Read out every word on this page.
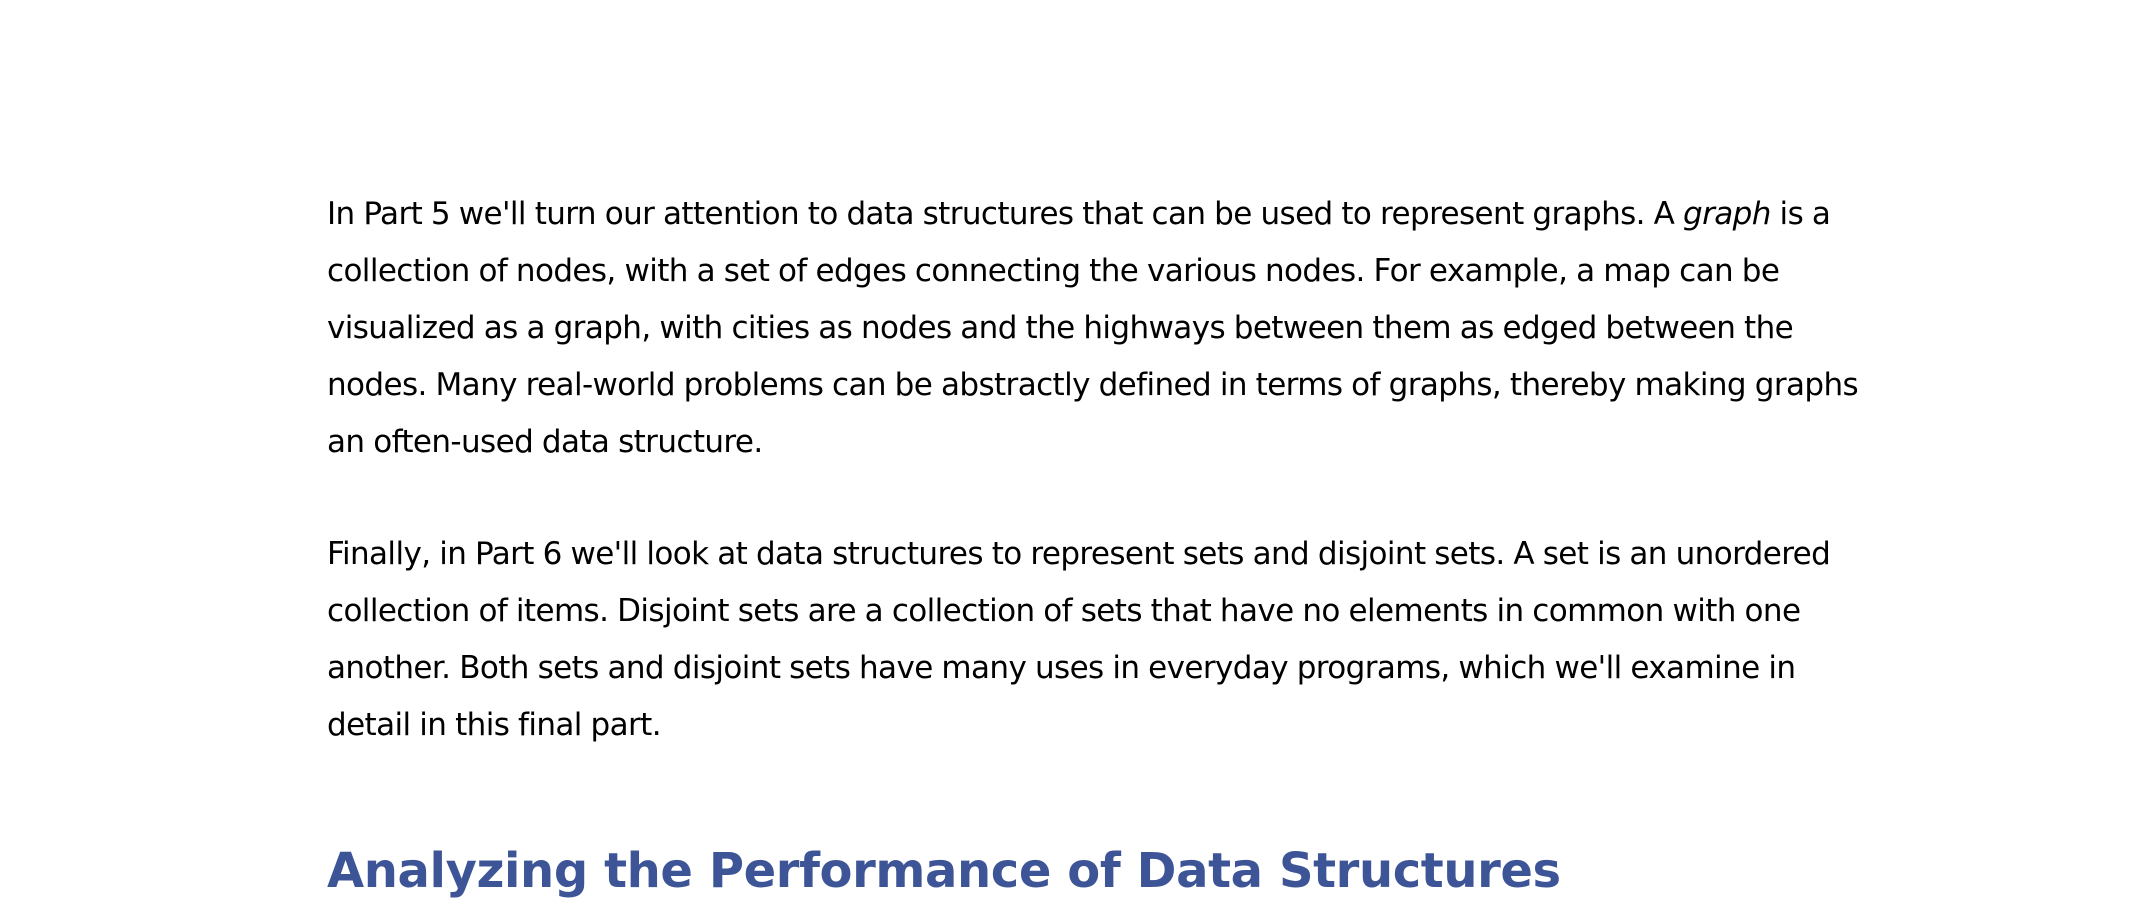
In Part 5 we'll turn our attention to data structures that can be used to represent graphs. A graph is a collection of nodes, with a set of edges connecting the various nodes. For example, a map can be visualized as a graph, with cities as nodes and the highways between them as edged between the nodes. Many real-world problems can be abstractly defined in terms of graphs, thereby making graphs an often-used data structure.

Finally, in Part 6 we'll look at data structures to represent sets and disjoint sets. A set is an unordered collection of items. Disjoint sets are a collection of sets that have no elements in common with one another. Both sets and disjoint sets have many uses in everyday programs, which we'll examine in detail in this final part.

Analyzing the Performance of Data Structures
